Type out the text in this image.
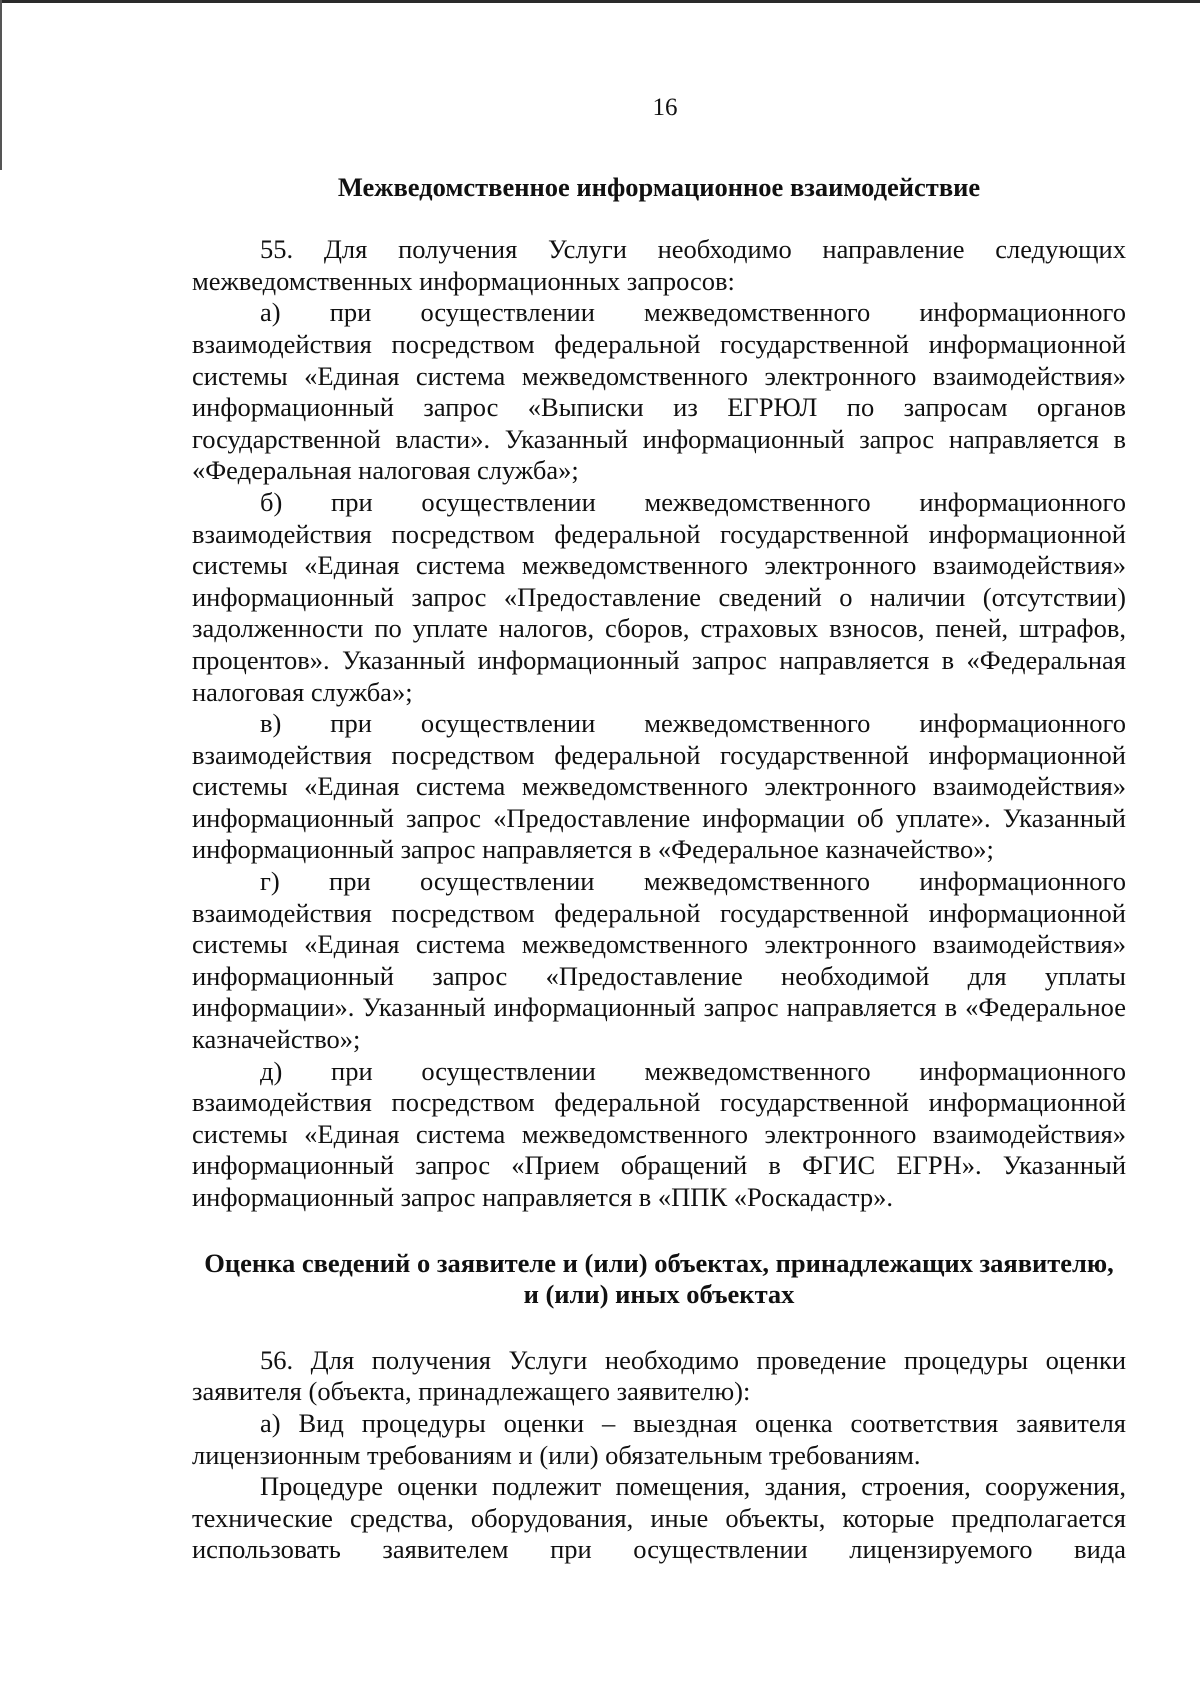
16
Межведомственное информационное взаимодействие

55. Для получения Услуги необходимо направление следующих межведомственных информационных запросов:

а) при осуществлении межведомственного информационного взаимодействия посредством федеральной государственной информационной системы «Единая система межведомственного электронного взаимодействия» информационный запрос «Выписки из ЕГРЮЛ по запросам органов государственной власти». Указанный информационный запрос направляется в «Федеральная налоговая служба»;

б) при осуществлении межведомственного информационного взаимодействия посредством федеральной государственной информационной системы «Единая система межведомственного электронного взаимодействия» информационный запрос «Предоставление сведений о наличии (отсутствии) задолженности по уплате налогов, сборов, страховых взносов, пеней, штрафов, процентов». Указанный информационный запрос направляется в «Федеральная налоговая служба»;

в) при осуществлении межведомственного информационного взаимодействия посредством федеральной государственной информационной системы «Единая система межведомственного электронного взаимодействия» информационный запрос «Предоставление информации об уплате». Указанный информационный запрос направляется в «Федеральное казначейство»;

г) при осуществлении межведомственного информационного взаимодействия посредством федеральной государственной информационной системы «Единая система межведомственного электронного взаимодействия» информационный запрос «Предоставление необходимой для уплаты информации». Указанный информационный запрос направляется в «Федеральное казначейство»;

д) при осуществлении межведомственного информационного взаимодействия посредством федеральной государственной информационной системы «Единая система межведомственного электронного взаимодействия» информационный запрос «Прием обращений в ФГИС ЕГРН». Указанный информационный запрос направляется в «ППК «Роскадастр».

Оценка сведений о заявителе и (или) объектах, принадлежащих заявителю,
и (или) иных объектах

56. Для получения Услуги необходимо проведение процедуры оценки заявителя (объекта, принадлежащего заявителю):

а) Вид процедуры оценки – выездная оценка соответствия заявителя лицензионным требованиям и (или) обязательным требованиям.

Процедуре оценки подлежит помещения, здания, строения, сооружения, технические средства, оборудования, иные объекты, которые предполагается использовать заявителем при осуществлении лицензируемого вида
